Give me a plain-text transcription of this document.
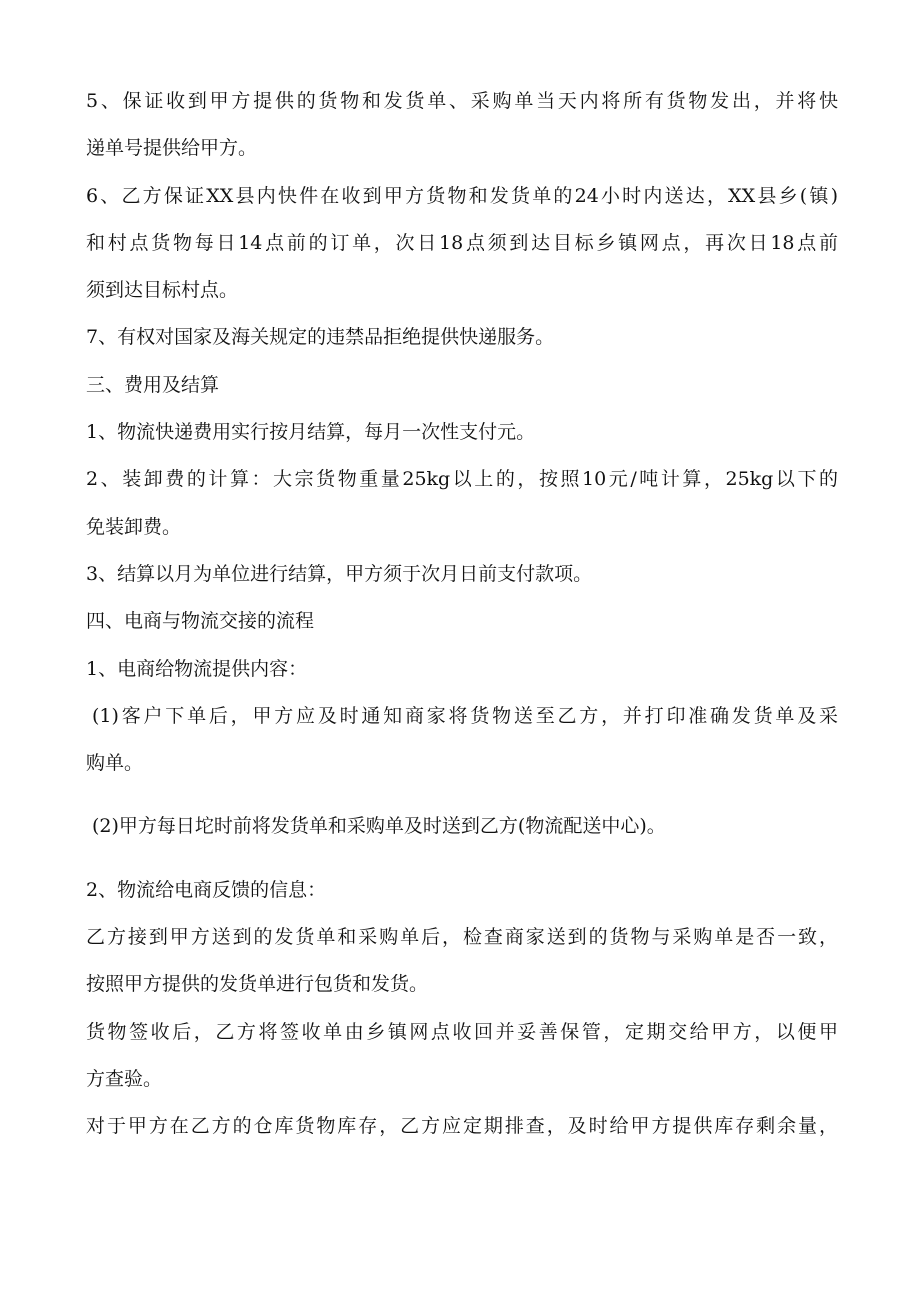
5、保证收到甲方提供的货物和发货单、采购单当天内将所有货物发出，并将快
递单号提供给甲方。
6、乙方保证XX县内快件在收到甲方货物和发货单的24小时内送达，XX县乡(镇)
和村点货物每日14点前的订单，次日18点须到达目标乡镇网点，再次日18点前
须到达目标村点。
7、有权对国家及海关规定的违禁品拒绝提供快递服务。
三、费用及结算
1、物流快递费用实行按月结算，每月一次性支付元。
2、装卸费的计算：大宗货物重量25kg以上的，按照10元/吨计算，25kg以下的
免装卸费。
3、结算以月为单位进行结算，甲方须于次月日前支付款项。
四、电商与物流交接的流程
1、电商给物流提供内容：
(1)客户下单后，甲方应及时通知商家将货物送至乙方，并打印准确发货单及采
购单。
(2)甲方每日坨时前将发货单和采购单及时送到乙方(物流配送中心)。
2、物流给电商反馈的信息：
乙方接到甲方送到的发货单和采购单后，检查商家送到的货物与采购单是否一致，
按照甲方提供的发货单进行包货和发货。
货物签收后，乙方将签收单由乡镇网点收回并妥善保管，定期交给甲方，以便甲
方查验。
对于甲方在乙方的仓库货物库存，乙方应定期排查，及时给甲方提供库存剩余量，
